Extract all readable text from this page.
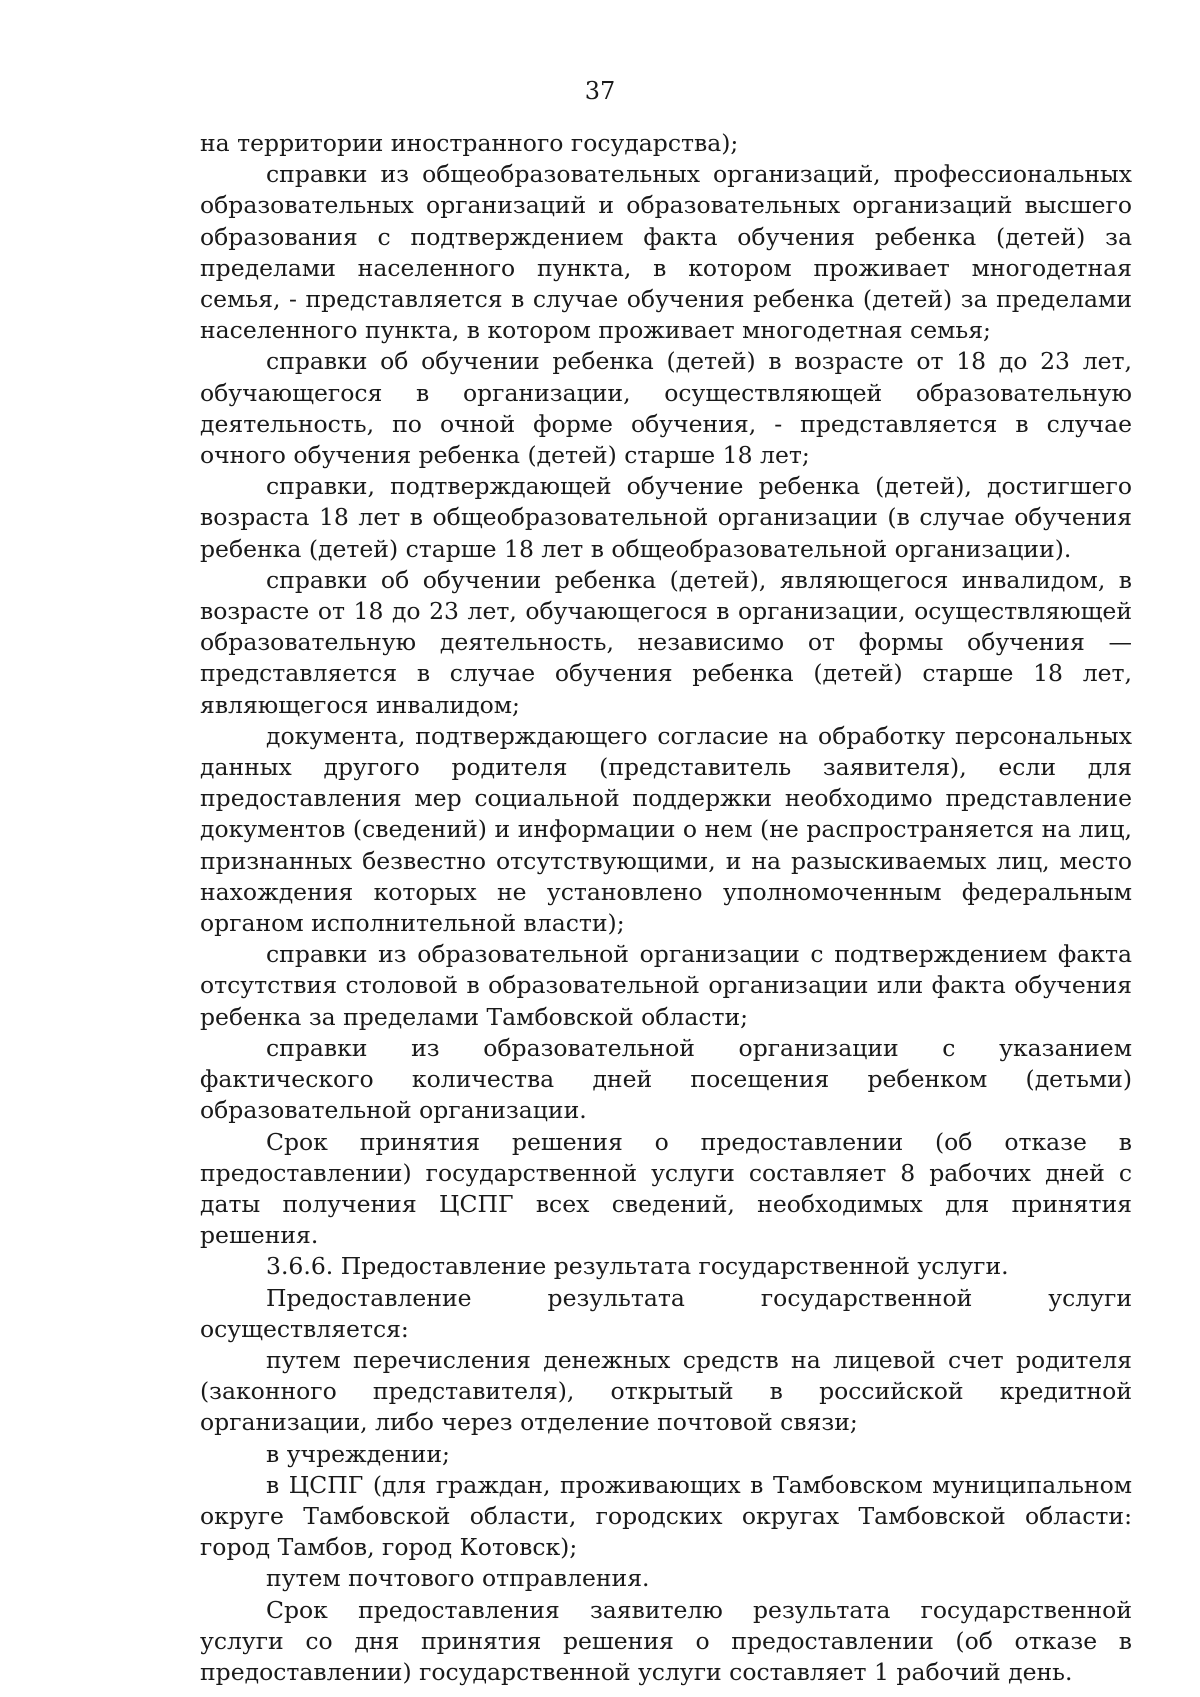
37

на территории иностранного государства);

справки из общеобразовательных организаций, профессиональных образовательных организаций и образовательных организаций высшего образования с подтверждением факта обучения ребенка (детей) за пределами населенного пункта, в котором проживает многодетная семья, - представляется в случае обучения ребенка (детей) за пределами населенного пункта, в котором проживает многодетная семья;

справки об обучении ребенка (детей) в возрасте от 18 до 23 лет, обучающегося в организации, осуществляющей образовательную деятельность, по очной форме обучения, - представляется в случае очного обучения ребенка (детей) старше 18 лет;

справки, подтверждающей обучение ребенка (детей), достигшего возраста 18 лет в общеобразовательной организации (в случае обучения ребенка (детей) старше 18 лет в общеобразовательной организации).

справки об обучении ребенка (детей), являющегося инвалидом, в возрасте от 18 до 23 лет, обучающегося в организации, осуществляющей образовательную деятельность, независимо от формы обучения — представляется в случае обучения ребенка (детей) старше 18 лет, являющегося инвалидом;

документа, подтверждающего согласие на обработку персональных данных другого родителя (представитель заявителя), если для предоставления мер социальной поддержки необходимо представление документов (сведений) и информации о нем (не распространяется на лиц, признанных безвестно отсутствующими, и на разыскиваемых лиц, место нахождения которых не установлено уполномоченным федеральным органом исполнительной власти);

справки из образовательной организации с подтверждением факта отсутствия столовой в образовательной организации или факта обучения ребенка за пределами Тамбовской области;

справки из образовательной организации с указанием фактического количества дней посещения ребенком (детьми) образовательной организации.

Срок принятия решения о предоставлении (об отказе в предоставлении) государственной услуги составляет 8 рабочих дней с даты получения ЦСПГ всех сведений, необходимых для принятия решения.

3.6.6. Предоставление результата государственной услуги.

Предоставление результата государственной услуги осуществляется:

путем перечисления денежных средств на лицевой счет родителя (законного представителя), открытый в российской кредитной организации, либо через отделение почтовой связи;

в учреждении;

в ЦСПГ (для граждан, проживающих в Тамбовском муниципальном округе Тамбовской области, городских округах Тамбовской области: город Тамбов, город Котовск);

путем почтового отправления.

Срок предоставления заявителю результата государственной услуги со дня принятия решения о предоставлении (об отказе в предоставлении) государственной услуги составляет 1 рабочий день.
